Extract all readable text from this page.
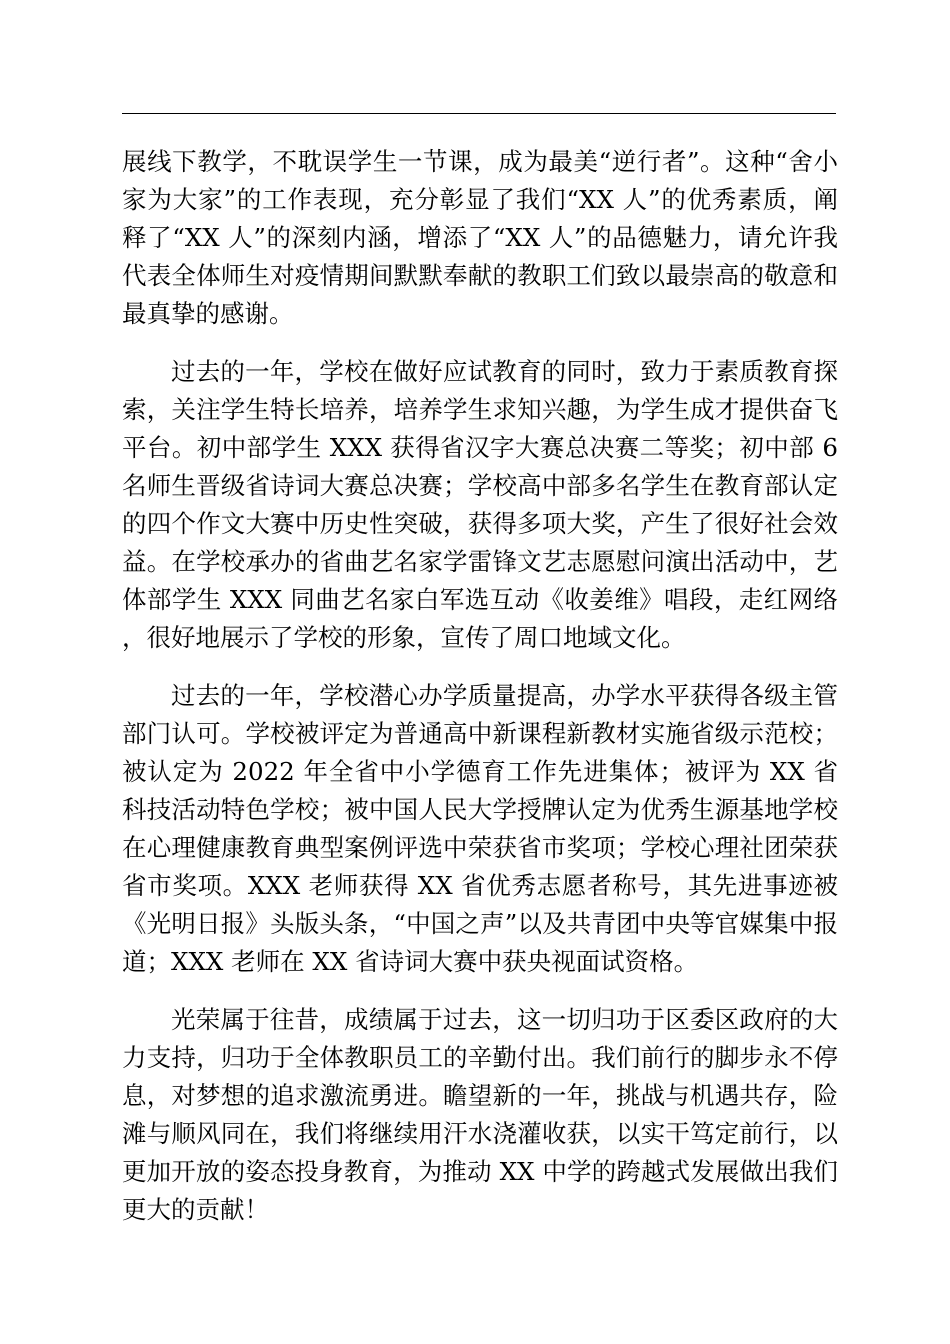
展线下教学，不耽误学生一节课，成为最美“逆行者”。这种“舍小家为大家”的工作表现，充分彰显了我们“XX 人”的优秀素质，阐释了“XX 人”的深刻内涵，增添了“XX 人”的品德魅力，请允许我代表全体师生对疫情期间默默奉献的教职工们致以最崇高的敬意和最真挚的感谢。

过去的一年，学校在做好应试教育的同时，致力于素质教育探索，关注学生特长培养，培养学生求知兴趣，为学生成才提供奋飞平台。初中部学生 XXX 获得省汉字大赛总决赛二等奖；初中部 6 名师生晋级省诗词大赛总决赛；学校高中部多名学生在教育部认定的四个作文大赛中历史性突破，获得多项大奖，产生了很好社会效益。在学校承办的省曲艺名家学雷锋文艺志愿慰问演出活动中，艺体部学生 XXX 同曲艺名家白军选互动《收姜维》唱段，走红网络，很好地展示了学校的形象，宣传了周口地域文化。

过去的一年，学校潜心办学质量提高，办学水平获得各级主管部门认可。学校被评定为普通高中新课程新教材实施省级示范校；被认定为 2022 年全省中小学德育工作先进集体；被评为 XX 省科技活动特色学校；被中国人民大学授牌认定为优秀生源基地学校在心理健康教育典型案例评选中荣获省市奖项；学校心理社团荣获省市奖项。XXX 老师获得 XX 省优秀志愿者称号，其先进事迹被《光明日报》头版头条，“中国之声”以及共青团中央等官媒集中报道；XXX 老师在 XX 省诗词大赛中获央视面试资格。

光荣属于往昔，成绩属于过去，这一切归功于区委区政府的大力支持，归功于全体教职员工的辛勤付出。我们前行的脚步永不停息，对梦想的追求激流勇进。瞻望新的一年，挑战与机遇共存，险滩与顺风同在，我们将继续用汗水浇灌收获，以实干笃定前行，以更加开放的姿态投身教育，为推动 XX 中学的跨越式发展做出我们更大的贡献！
